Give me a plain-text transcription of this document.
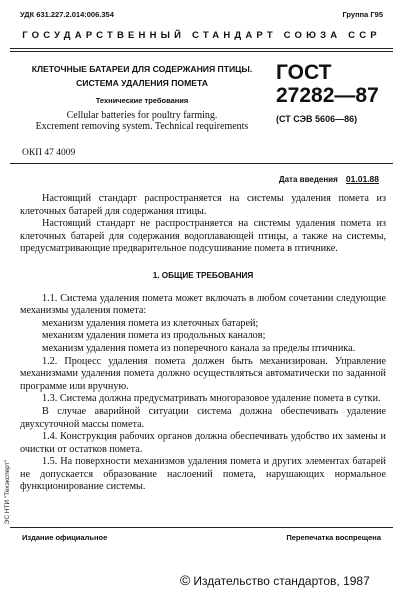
УДК 631.227.2.014:006.354	Группа Г95
ГОСУДАРСТВЕННЫЙ СТАНДАРТ СОЮЗА ССР
КЛЕТОЧНЫЕ БАТАРЕИ ДЛЯ СОДЕРЖАНИЯ ПТИЦЫ.
СИСТЕМА УДАЛЕНИЯ ПОМЕТА
Технические требования
Cellular batteries for poultry farming.
Excrement removing system. Technical requirements
ГОСТ
27282—87
(СТ СЭВ 5606—86)
ОКП 47 4009
Дата введения 01.01.88

Настоящий стандарт распространяется на системы удаления помета из клеточных батарей для содержания птицы.

Настоящий стандарт не распространяется на системы удаления помета из клеточных батарей для содержания водоплавающей птицы, а также на системы, предусматривающие предварительное подсушивание помета в птичнике.

1. ОБЩИЕ ТРЕБОВАНИЯ

1.1. Система удаления помета может включать в любом сочетании следующие механизмы удаления помета:

механизм удаления помета из клеточных батарей;

механизм удаления помета из продольных каналов;

механизм удаления помета из поперечного канала за пределы птичника.

1.2. Процесс удаления помета должен быть механизирован. Управление механизмами удаления помета должно осуществляться автоматически по заданной программе или вручную.

1.3. Система должна предусматривать многоразовое удаление помета в сутки.

В случае аварийной ситуации система должна обеспечивать удаление двухсуточной массы помета.

1.4. Конструкция рабочих органов должна обеспечивать удобство их замены и очистки от остатков помета.

1.5. На поверхности механизмов удаления помета и других элементах батарей не допускается образование наслоений помета, нарушающих нормальное функционирование системы.

ЭС НТИ "Техэксперт"
Издание официальное	Перепечатка воспрещена
© Издательство стандартов, 1987
